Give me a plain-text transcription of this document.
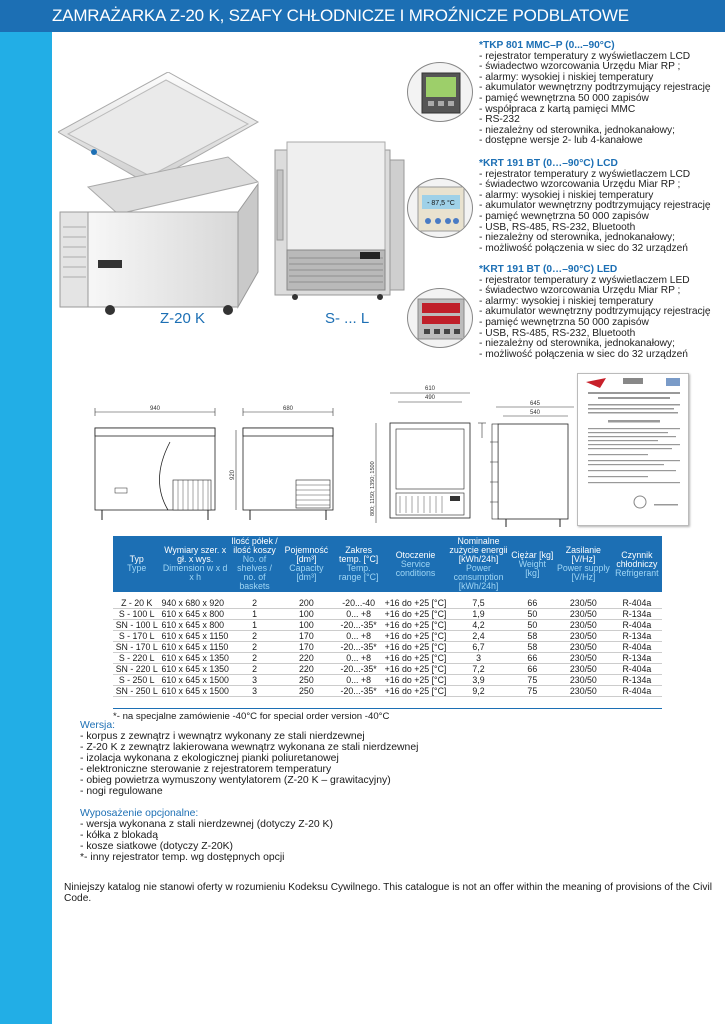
ZAMRAŻARKA Z-20 K, SZAFY CHŁODNICZE I MROŹNICZE PODBLATOWE
Z-20 K	S- ... L
- 87,5 °C
*TKP 801 MMC–P (0...–90°C)
- rejestrator temperatury z wyświetlaczem LCD
- świadectwo wzorcowania Urzędu Miar RP ;
- alarmy: wysokiej i niskiej temperatury
- akumulator wewnętrzny podtrzymujący rejestrację
- pamięć wewnętrzna 50 000 zapisów
- współpraca z kartą pamięci MMC
- RS-232
- niezależny od sterownika, jednokanałowy;
- dostępne wersje 2- lub 4-kanałowe
*KRT 191 BT (0…–90°C) LCD
- rejestrator temperatury z wyświetlaczem LCD
- świadectwo wzorcowania Urzędu Miar RP ;
- alarmy: wysokiej i niskiej temperatury
- akumulator wewnętrzny podtrzymujący rejestrację
- pamięć wewnętrzna 50 000 zapisów
- USB, RS-485, RS-232, Bluetooth
- niezależny od sterownika, jednokanałowy;
- możliwość połączenia w siec do 32 urządzeń
*KRT 191 BT (0…–90°C) LED
- rejestrator temperatury z wyświetlaczem LED
- świadectwo wzorcowania Urzędu Miar RP ;
- alarmy: wysokiej i niskiej temperatury
- akumulator wewnętrzny podtrzymujący rejestrację
- pamięć wewnętrzna 50 000 zapisów
- USB, RS-485, RS-232, Bluetooth
- niezależny od sterownika, jednokanałowy;
- możliwość połączenia w siec do 32 urządzeń
940	680
920
610
490
800; 1150; 1350; 1500
645
540
Typ
Type	Wymiary szer. x gł. x wys.
Dimension w x d x h	Ilość półek / ilość koszy
No. of shelves / no. of baskets	Pojemność [dm³]
Capacity [dm³]	Zakres temp. [°C]
Temp. range [°C]	Otoczenie
Service conditions	Nominalne zużycie energii [kWh/24h]
Power consumption [kWh/24h]	Ciężar [kg]
Weight [kg]	Zasilanie [V/Hz]
Power supply [V/Hz]	Czynnik chłodniczy
Refrigerant

Z - 20 K	940 x 680 x 920	2	200	-20...-40	+16 do +25 [°C]	7,5	66	230/50	R-404a
S - 100 L	610 x 645 x 800	1	100	0... +8	+16 do +25 [°C]	1,9	50	230/50	R-134a
SN - 100 L	610 x 645 x 800	1	100	-20...-35*	+16 do +25 [°C]	4,2	50	230/50	R-404a
S - 170 L	610 x 645 x 1150	2	170	0... +8	+16 do +25 [°C]	2,4	58	230/50	R-134a
SN - 170 L	610 x 645 x 1150	2	170	-20...-35*	+16 do +25 [°C]	6,7	58	230/50	R-404a
S - 220 L	610 x 645 x 1350	2	220	0... +8	+16 do +25 [°C]	3	66	230/50	R-134a
SN - 220 L	610 x 645 x 1350	2	220	-20...-35*	+16 do +25 [°C]	7,2	66	230/50	R-404a
S - 250 L	610 x 645 x 1500	3	250	0... +8	+16 do +25 [°C]	3,9	75	230/50	R-134a
SN - 250 L	610 x 645 x 1500	3	250	-20...-35*	+16 do +25 [°C]	9,2	75	230/50	R-404a
*- na specjalne zamówienie -40°C for special order version -40°C
Wersja:
- korpus z zewnątrz i wewnątrz wykonany ze stali nierdzewnej
- Z-20 K z zewnątrz lakierowana wewnątrz wykonana ze stali nierdzewnej
- izolacja wykonana z ekologicznej pianki poliuretanowej
- elektroniczne sterowanie z rejestratorem temperatury
- obieg powietrza wymuszony wentylatorem (Z-20 K – grawitacyjny)
- nogi regulowane
Wyposażenie opcjonalne:
- wersja wykonana z stali nierdzewnej (dotyczy Z-20 K)
- kółka z blokadą
- kosze siatkowe (dotyczy Z-20K)
*- inny rejestrator temp. wg dostępnych opcji
Niniejszy katalog nie stanowi oferty w rozumieniu Kodeksu Cywilnego. This catalogue is not an offer within the meaning of provisions of the Civil Code.
